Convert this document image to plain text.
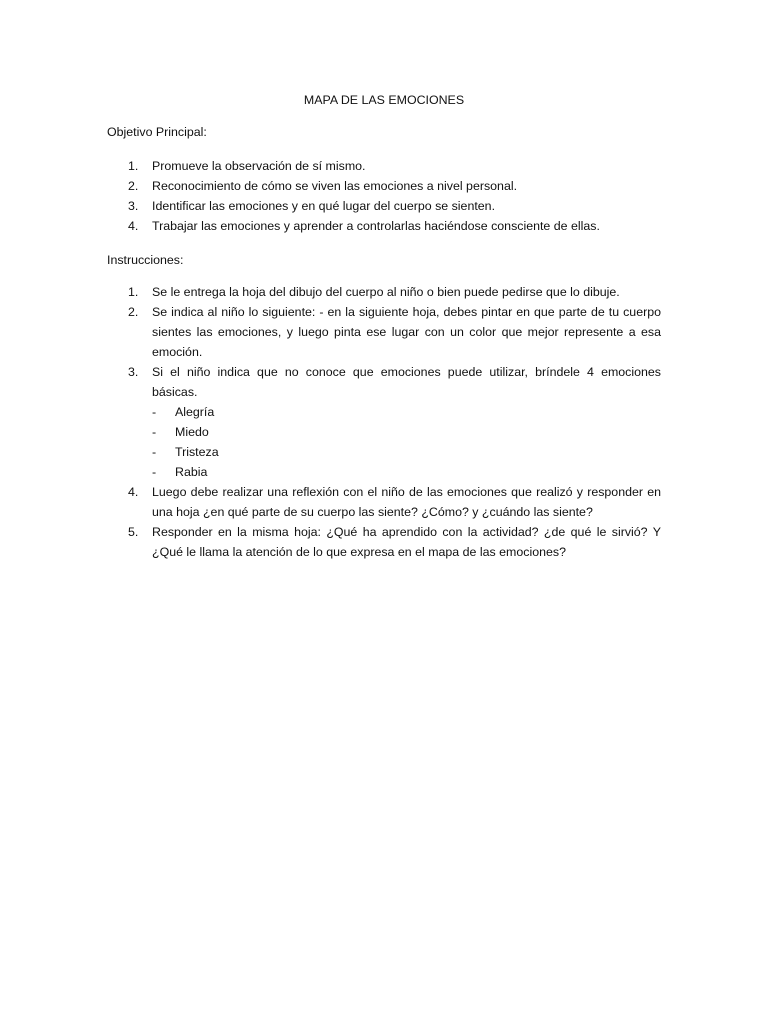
MAPA DE LAS EMOCIONES
Objetivo Principal:
1. Promueve la observación de sí mismo.
2. Reconocimiento de cómo se viven las emociones a nivel personal.
3. Identificar las emociones y en qué lugar del cuerpo se sienten.
4. Trabajar las emociones y aprender a controlarlas haciéndose consciente de ellas.
Instrucciones:
1. Se le entrega la hoja del dibujo del cuerpo al niño o bien puede pedirse que lo dibuje.
2. Se indica al niño lo siguiente: - en la siguiente hoja, debes pintar en que parte de tu cuerpo sientes las emociones, y luego pinta ese lugar con un color que mejor represente a esa emoción.
3. Si el niño indica que no conoce que emociones puede utilizar, bríndele 4 emociones básicas.
- Alegría
- Miedo
- Tristeza
- Rabia
4. Luego debe realizar una reflexión con el niño de las emociones que realizó y responder en una hoja ¿en qué parte de su cuerpo las siente? ¿Cómo? y ¿cuándo las siente?
5. Responder en la misma hoja: ¿Qué ha aprendido con la actividad? ¿de qué le sirvió? Y ¿Qué le llama la atención de lo que expresa en el mapa de las emociones?
